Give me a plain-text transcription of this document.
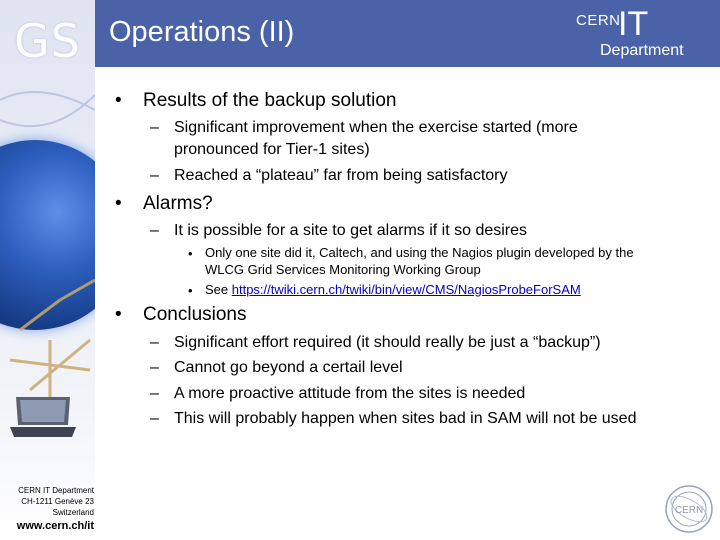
GS
CERN IT Department
CH-1211 Genève 23
Switzerland
www.cern.ch/it
Operations (II)	CERN
IT
Department
• Results of the backup solution
– Significant improvement when the exercise started (more
pronounced for Tier-1 sites)
– Reached a “plateau” far from being satisfactory
• Alarms?
– It is possible for a site to get alarms if it so desires
• Only one site did it, Caltech, and using the Nagios plugin developed by the
WLCG Grid Services Monitoring Working Group
• See https://twiki.cern.ch/twiki/bin/view/CMS/NagiosProbeForSAM
• Conclusions
– Significant effort required (it should really be just a “backup”)
– Cannot go beyond a certail level
– A more proactive attitude from the sites is needed
– This will probably happen when sites bad in SAM will not be used
CERN
